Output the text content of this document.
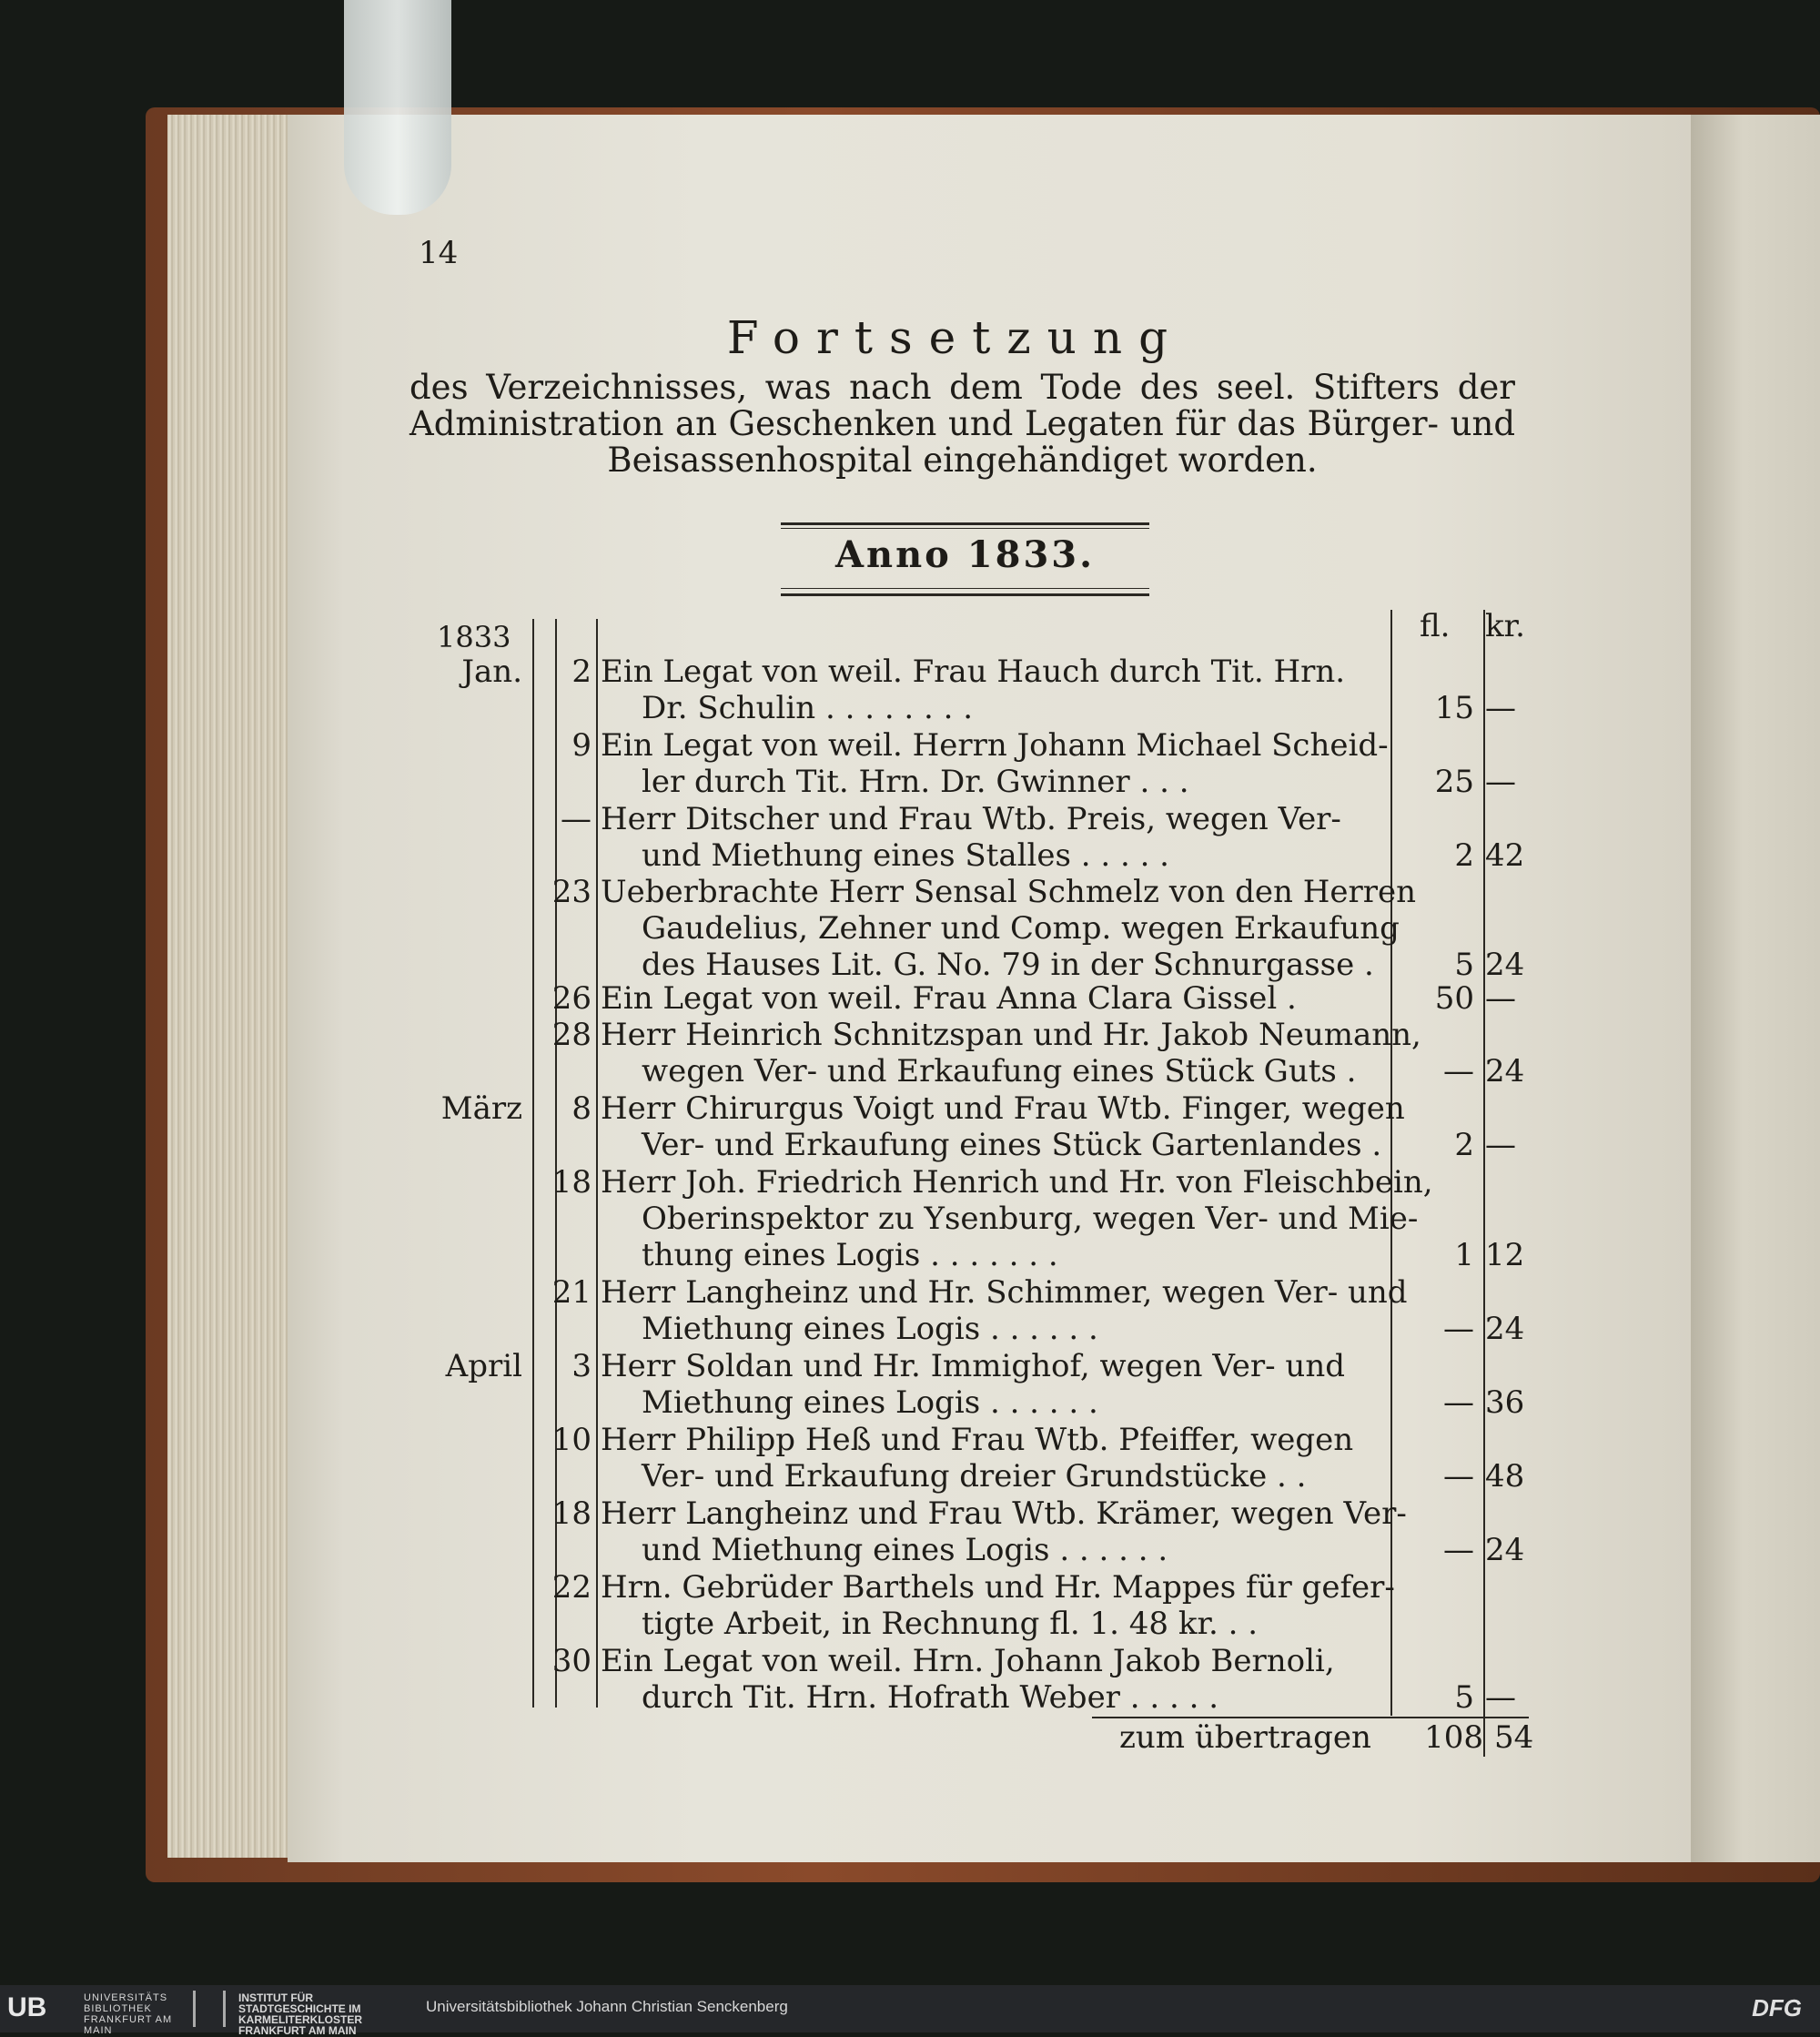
14
Fortsetzung
des Verzeichnisses, was nach dem Tode des seel. Stifters der Administration an Geschenken und Legaten für das Bürger- und Beisassenhospital eingehändiget worden.
Anno 1833.
fl. kr.
1833
Jan.	2 Ein Legat von weil. Frau Hauch durch Tit. Hrn.
Dr. Schulin . . . . . . . .	15 —
9 Ein Legat von weil. Herrn Johann Michael Scheid-
ler durch Tit. Hrn. Dr. Gwinner . . .	25 —
— Herr Ditscher und Frau Wtb. Preis, wegen Ver-
und Miethung eines Stalles . . . . .	2 42
23 Ueberbrachte Herr Sensal Schmelz von den Herren
Gaudelius, Zehner und Comp. wegen Erkaufung
des Hauses Lit. G. No. 79 in der Schnurgasse .	5 24
26 Ein Legat von weil. Frau Anna Clara Gissel .	50 —
28 Herr Heinrich Schnitzspan und Hr. Jakob Neumann,
wegen Ver- und Erkaufung eines Stück Guts .	— 24
März	8 Herr Chirurgus Voigt und Frau Wtb. Finger, wegen
Ver- und Erkaufung eines Stück Gartenlandes .	2 —
18 Herr Joh. Friedrich Henrich und Hr. von Fleischbein,
Oberinspektor zu Ysenburg, wegen Ver- und Mie-
thung eines Logis . . . . . . .	1 12
21 Herr Langheinz und Hr. Schimmer, wegen Ver- und
Miethung eines Logis . . . . . .	— 24
April	3 Herr Soldan und Hr. Immighof, wegen Ver- und
Miethung eines Logis . . . . . .	— 36
10 Herr Philipp Heß und Frau Wtb. Pfeiffer, wegen
Ver- und Erkaufung dreier Grundstücke . .	— 48
18 Herr Langheinz und Frau Wtb. Krämer, wegen Ver-
und Miethung eines Logis . . . . . .	— 24
22 Hrn. Gebrüder Barthels und Hr. Mappes für gefer-
tigte Arbeit, in Rechnung fl. 1. 48 kr. . .
30 Ein Legat von weil. Hrn. Johann Jakob Bernoli,
durch Tit. Hrn. Hofrath Weber . . . . .	5 —
zum übertragen	108 54
UB	UNIVERSITÄTS BIBLIOTHEK FRANKFURT AM MAIN
INSTITUT FÜR STADTGESCHICHTE IM KARMELITERKLOSTER FRANKFURT AM MAIN
Universitätsbibliothek Johann Christian Senckenberg	DFG
